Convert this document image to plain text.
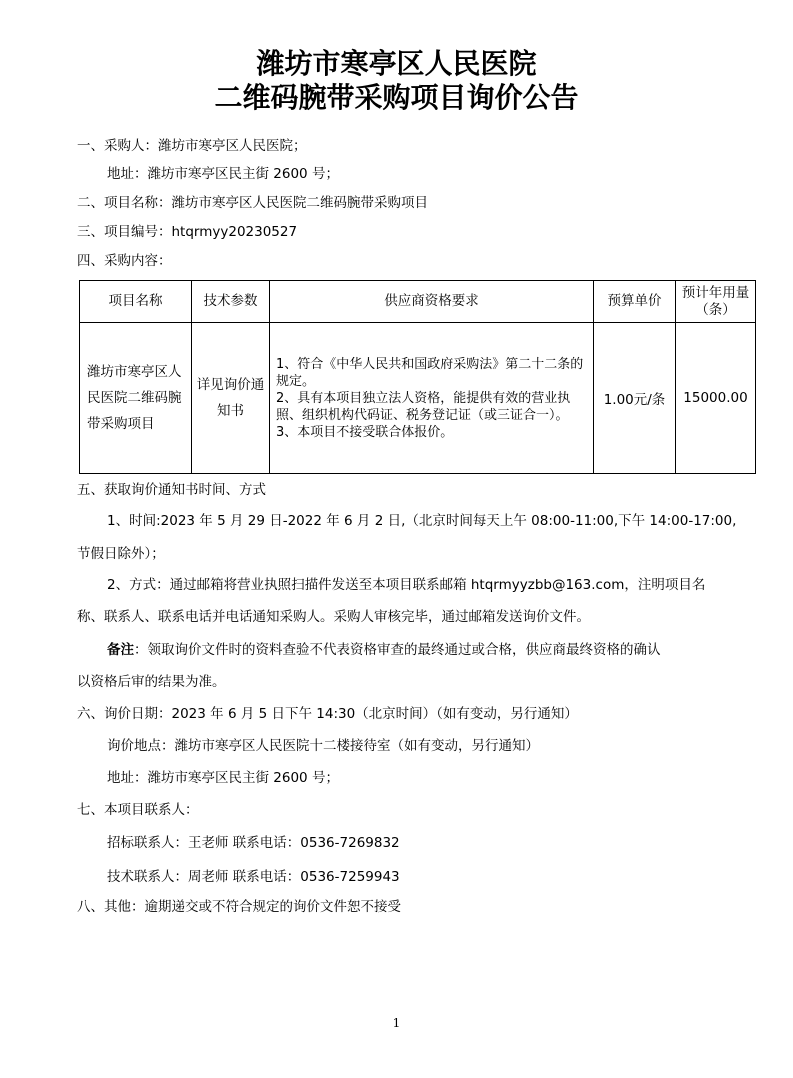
潍坊市寒亭区人民医院
二维码腕带采购项目询价公告
一、采购人：潍坊市寒亭区人民医院；
地址：潍坊市寒亭区民主街 2600 号；
二、项目名称：潍坊市寒亭区人民医院二维码腕带采购项目
三、项目编号：htqrmyy20230527
四、采购内容：
项目名称	技术参数	供应商资格要求	预算单价	预计年用量（条）
潍坊市寒亭区人民医院二维码腕带采购项目	详见询价通知书	1、符合《中华人民共和国政府采购法》第二十二条的规定。
2、具有本项目独立法人资格，能提供有效的营业执照、组织机构代码证、税务登记证（或三证合一）。
3、本项目不接受联合体报价。	1.00元/条	15000.00
五、获取询价通知书时间、方式
1、时间:2023 年 5 月 29 日-2022 年 6 月 2 日,（北京时间每天上午 08:00-11:00,下午 14:00-17:00,
节假日除外）；
2、方式：通过邮箱将营业执照扫描件发送至本项目联系邮箱 htqrmyyzbb@163.com，注明项目名
称、联系人、联系电话并电话通知采购人。采购人审核完毕，通过邮箱发送询价文件。
备注：领取询价文件时的资料查验不代表资格审查的最终通过或合格，供应商最终资格的确认
以资格后审的结果为准。
六、询价日期：2023 年 6 月 5 日下午 14:30（北京时间）（如有变动，另行通知）
询价地点：潍坊市寒亭区人民医院十二楼接待室（如有变动，另行通知）
地址：潍坊市寒亭区民主街 2600 号；
七、本项目联系人：
招标联系人：王老师 联系电话：0536-7269832
技术联系人：周老师 联系电话：0536-7259943
八、其他：逾期递交或不符合规定的询价文件恕不接受
1
